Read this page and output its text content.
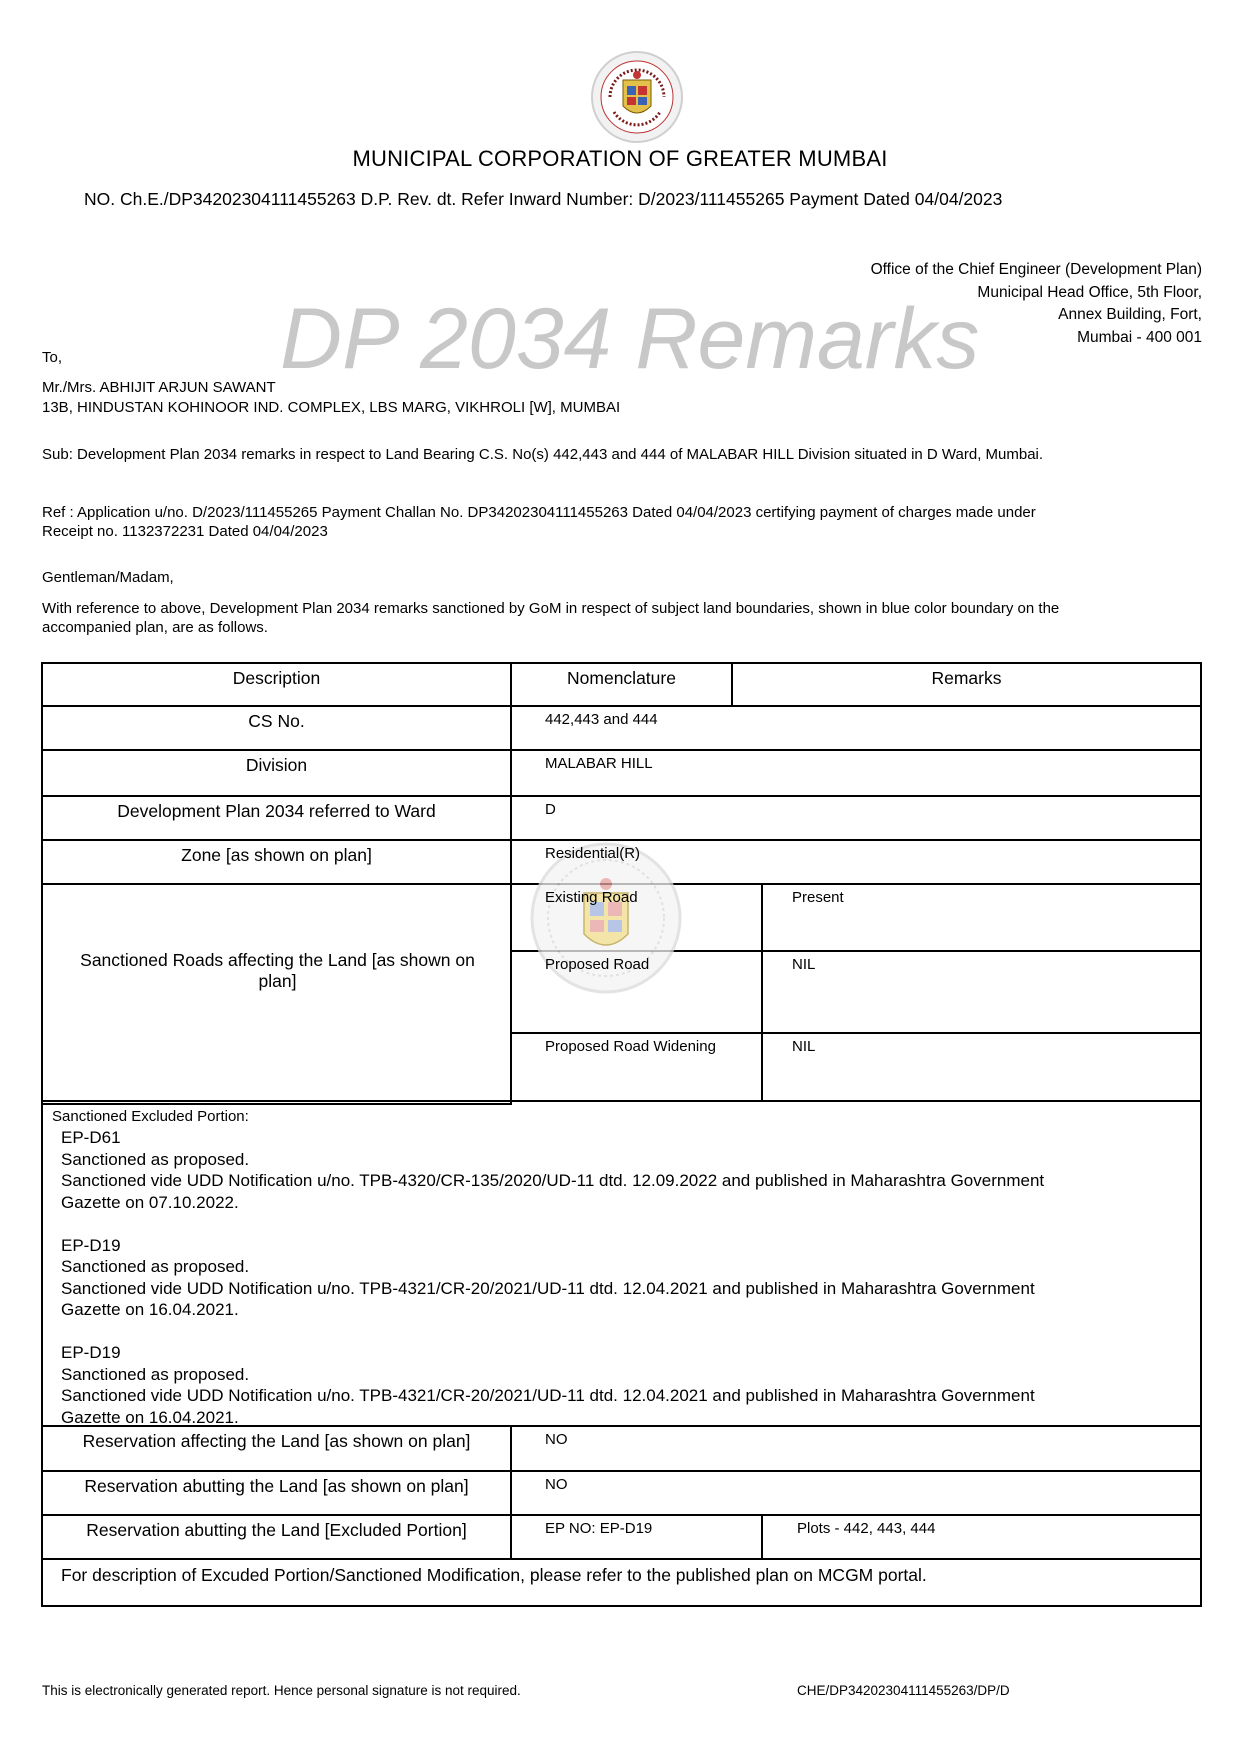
MUNICIPAL CORPORATION OF GREATER MUMBAI
NO. Ch.E./DP34202304111455263 D.P. Rev. dt. Refer Inward Number: D/2023/111455265 Payment Dated 04/04/2023
Office of the Chief Engineer (Development Plan)
Municipal Head Office, 5th Floor,
Annex Building, Fort,
Mumbai - 400 001
DP 2034 Remarks
To,
Mr./Mrs. ABHIJIT ARJUN SAWANT
13B, HINDUSTAN KOHINOOR IND. COMPLEX, LBS MARG, VIKHROLI [W], MUMBAI
Sub: Development Plan 2034 remarks in respect to Land Bearing C.S. No(s) 442,443 and 444 of MALABAR HILL Division situated in D Ward, Mumbai.
Ref : Application u/no. D/2023/111455265 Payment Challan No. DP34202304111455263 Dated 04/04/2023 certifying payment of charges made under
Receipt no. 1132372231 Dated 04/04/2023
Gentleman/Madam,
With reference to above, Development Plan 2034 remarks sanctioned by GoM in respect of subject land boundaries, shown in blue color boundary on the
accompanied plan, are as follows.
Description	Nomenclature	Remarks
CS No.	442,443 and 444
Division	MALABAR HILL
Development Plan 2034 referred to Ward	D
Zone [as shown on plan]	Residential(R)
Sanctioned Roads affecting the Land [as shown on
plan]
Existing Road	Present
Proposed Road	NIL
Proposed Road Widening	NIL
Sanctioned Excluded Portion:
EP-D61
Sanctioned as proposed.
Sanctioned vide UDD Notification u/no. TPB-4320/CR-135/2020/UD-11 dtd. 12.09.2022 and published in Maharashtra Government
Gazette on 07.10.2022.
EP-D19
Sanctioned as proposed.
Sanctioned vide UDD Notification u/no. TPB-4321/CR-20/2021/UD-11 dtd. 12.04.2021 and published in Maharashtra Government
Gazette on 16.04.2021.
EP-D19
Sanctioned as proposed.
Sanctioned vide UDD Notification u/no. TPB-4321/CR-20/2021/UD-11 dtd. 12.04.2021 and published in Maharashtra Government
Gazette on 16.04.2021.
Reservation affecting the Land [as shown on plan]	NO
Reservation abutting the Land [as shown on plan]	NO
Reservation abutting the Land [Excluded Portion]	EP NO: EP-D19	Plots - 442, 443, 444
For description of Excuded Portion/Sanctioned Modification, please refer to the published plan on MCGM portal.
This is electronically generated report. Hence personal signature is not required.	CHE/DP34202304111455263/DP/D
